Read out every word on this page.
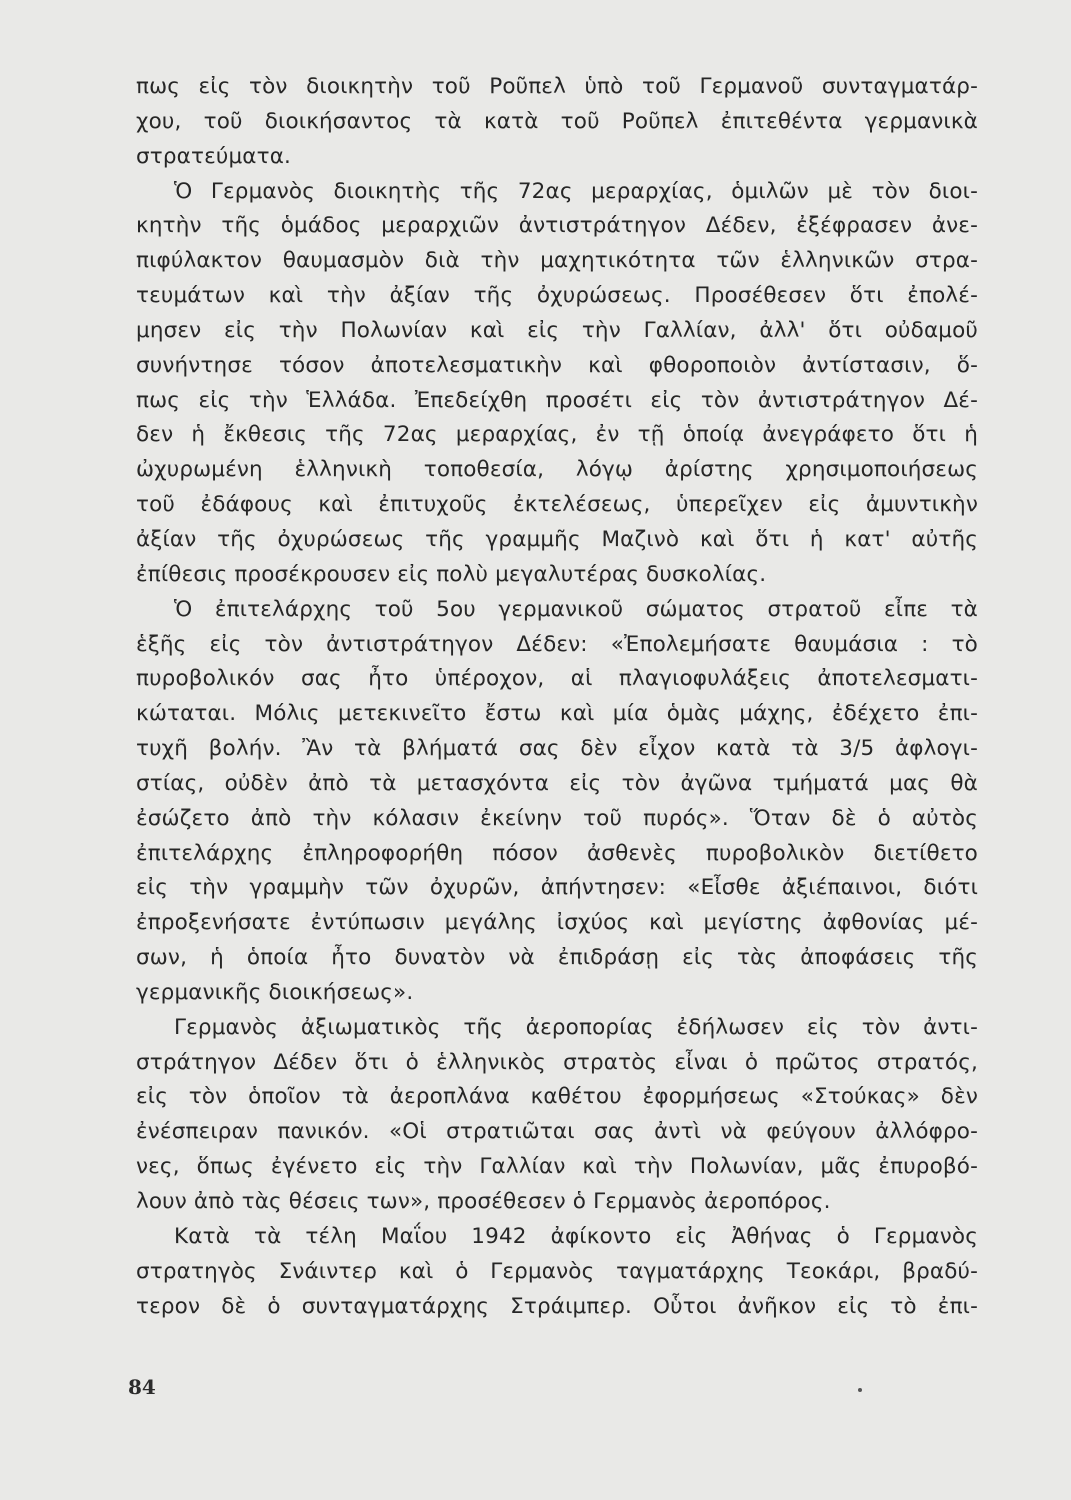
πως εἰς τὸν διοικητὴν τοῦ Ροῦπελ ὑπὸ τοῦ Γερμανοῦ συνταγματάρ-
χου, τοῦ διοικήσαντος τὰ κατὰ τοῦ Ροῦπελ ἐπιτεθέντα γερμανικὰ
στρατεύματα.
Ὁ Γερμανὸς διοικητὴς τῆς 72ας μεραρχίας, ὁμιλῶν μὲ τὸν διοι-
κητὴν τῆς ὁμάδος μεραρχιῶν ἀντιστράτηγον Δέδεν, ἐξέφρασεν ἀνε-
πιφύλακτον θαυμασμὸν διὰ τὴν μαχητικότητα τῶν ἑλληνικῶν στρα-
τευμάτων καὶ τὴν ἀξίαν τῆς ὀχυρώσεως. Προσέθεσεν ὅτι ἐπολέ-
μησεν εἰς τὴν Πολωνίαν καὶ εἰς τὴν Γαλλίαν, ἀλλ' ὅτι οὐδαμοῦ
συνήντησε τόσον ἀποτελεσματικὴν καὶ φθοροποιὸν ἀντίστασιν, ὅ-
πως εἰς τὴν Ἑλλάδα. Ἐπεδείχθη προσέτι εἰς τὸν ἀντιστράτηγον Δέ-
δεν ἡ ἔκθεσις τῆς 72ας μεραρχίας, ἐν τῇ ὁποίᾳ ἀνεγράφετο ὅτι ἡ
ὠχυρωμένη ἑλληνικὴ τοποθεσία, λόγῳ ἀρίστης χρησιμοποιήσεως
τοῦ ἐδάφους καὶ ἐπιτυχοῦς ἐκτελέσεως, ὑπερεῖχεν εἰς ἀμυντικὴν
ἀξίαν τῆς ὀχυρώσεως τῆς γραμμῆς Μαζινὸ καὶ ὅτι ἡ κατ' αὐτῆς
ἐπίθεσις προσέκρουσεν εἰς πολὺ μεγαλυτέρας δυσκολίας.
Ὁ ἐπιτελάρχης τοῦ 5ου γερμανικοῦ σώματος στρατοῦ εἶπε τὰ
ἑξῆς εἰς τὸν ἀντιστράτηγον Δέδεν: «Ἐπολεμήσατε θαυμάσια : τὸ
πυροβολικόν σας ἦτο ὑπέροχον, αἱ πλαγιοφυλάξεις ἀποτελεσματι-
κώταται. Μόλις μετεκινεῖτο ἔστω καὶ μία ὁμὰς μάχης, ἐδέχετο ἐπι-
τυχῆ βολήν. Ἂν τὰ βλήματά σας δὲν εἶχον κατὰ τὰ 3/5 ἀφλογι-
στίας, οὐδὲν ἀπὸ τὰ μετασχόντα εἰς τὸν ἀγῶνα τμήματά μας θὰ
ἐσώζετο ἀπὸ τὴν κόλασιν ἐκείνην τοῦ πυρός». Ὅταν δὲ ὁ αὐτὸς
ἐπιτελάρχης ἐπληροφορήθη πόσον ἀσθενὲς πυροβολικὸν διετίθετο
εἰς τὴν γραμμὴν τῶν ὀχυρῶν, ἀπήντησεν: «Εἶσθε ἀξιέπαινοι, διότι
ἐπροξενήσατε ἐντύπωσιν μεγάλης ἰσχύος καὶ μεγίστης ἀφθονίας μέ-
σων, ἡ ὁποία ἦτο δυνατὸν νὰ ἐπιδράσῃ εἰς τὰς ἀποφάσεις τῆς
γερμανικῆς διοικήσεως».
Γερμανὸς ἀξιωματικὸς τῆς ἀεροπορίας ἐδήλωσεν εἰς τὸν ἀντι-
στράτηγον Δέδεν ὅτι ὁ ἑλληνικὸς στρατὸς εἶναι ὁ πρῶτος στρατός,
εἰς τὸν ὁποῖον τὰ ἀεροπλάνα καθέτου ἐφορμήσεως «Στούκας» δὲν
ἐνέσπειραν πανικόν. «Οἱ στρατιῶται σας ἀντὶ νὰ φεύγουν ἀλλόφρο-
νες, ὅπως ἐγένετο εἰς τὴν Γαλλίαν καὶ τὴν Πολωνίαν, μᾶς ἐπυροβό-
λουν ἀπὸ τὰς θέσεις των», προσέθεσεν ὁ Γερμανὸς ἀεροπόρος.
Κατὰ τὰ τέλη Μαΐου 1942 ἀφίκοντο εἰς Ἀθήνας ὁ Γερμανὸς
στρατηγὸς Σνάιντερ καὶ ὁ Γερμανὸς ταγματάρχης Τεοκάρι, βραδύ-
τερον δὲ ὁ συνταγματάρχης Στράιμπερ. Οὗτοι ἀνῆκον εἰς τὸ ἐπι-
84
